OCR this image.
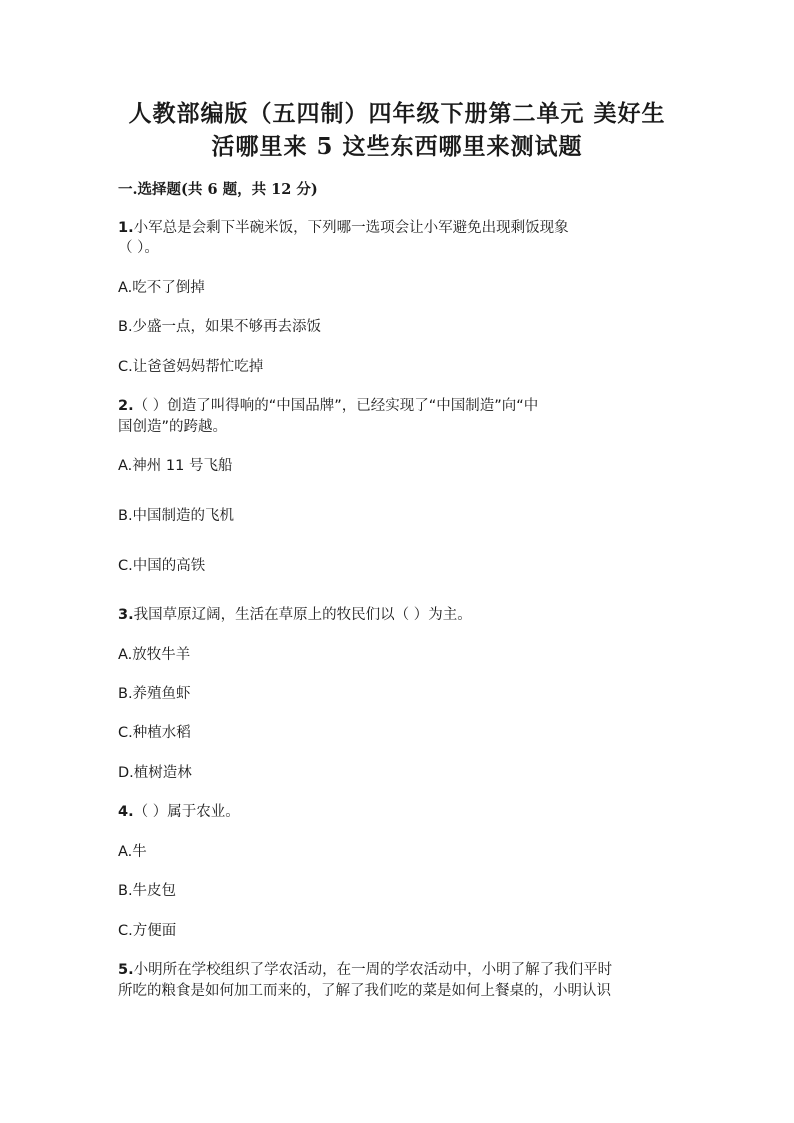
人教部编版（五四制）四年级下册第二单元 美好生
活哪里来 5 这些东西哪里来测试题
一.选择题(共 6 题，共 12 分)
1.小军总是会剩下半碗米饭，下列哪一选项会让小军避免出现剩饭现象
（ ）。
A.吃不了倒掉
B.少盛一点，如果不够再去添饭
C.让爸爸妈妈帮忙吃掉
2.（ ）创造了叫得响的“中国品牌”，已经实现了“中国制造”向“中
国创造”的跨越。
A.神州 11 号飞船
B.中国制造的飞机
C.中国的高铁
3.我国草原辽阔，生活在草原上的牧民们以（ ）为主。
A.放牧牛羊
B.养殖鱼虾
C.种植水稻
D.植树造林
4.（ ）属于农业。
A.牛
B.牛皮包
C.方便面
5.小明所在学校组织了学农活动，在一周的学农活动中，小明了解了我们平时
所吃的粮食是如何加工而来的，了解了我们吃的菜是如何上餐桌的，小明认识
